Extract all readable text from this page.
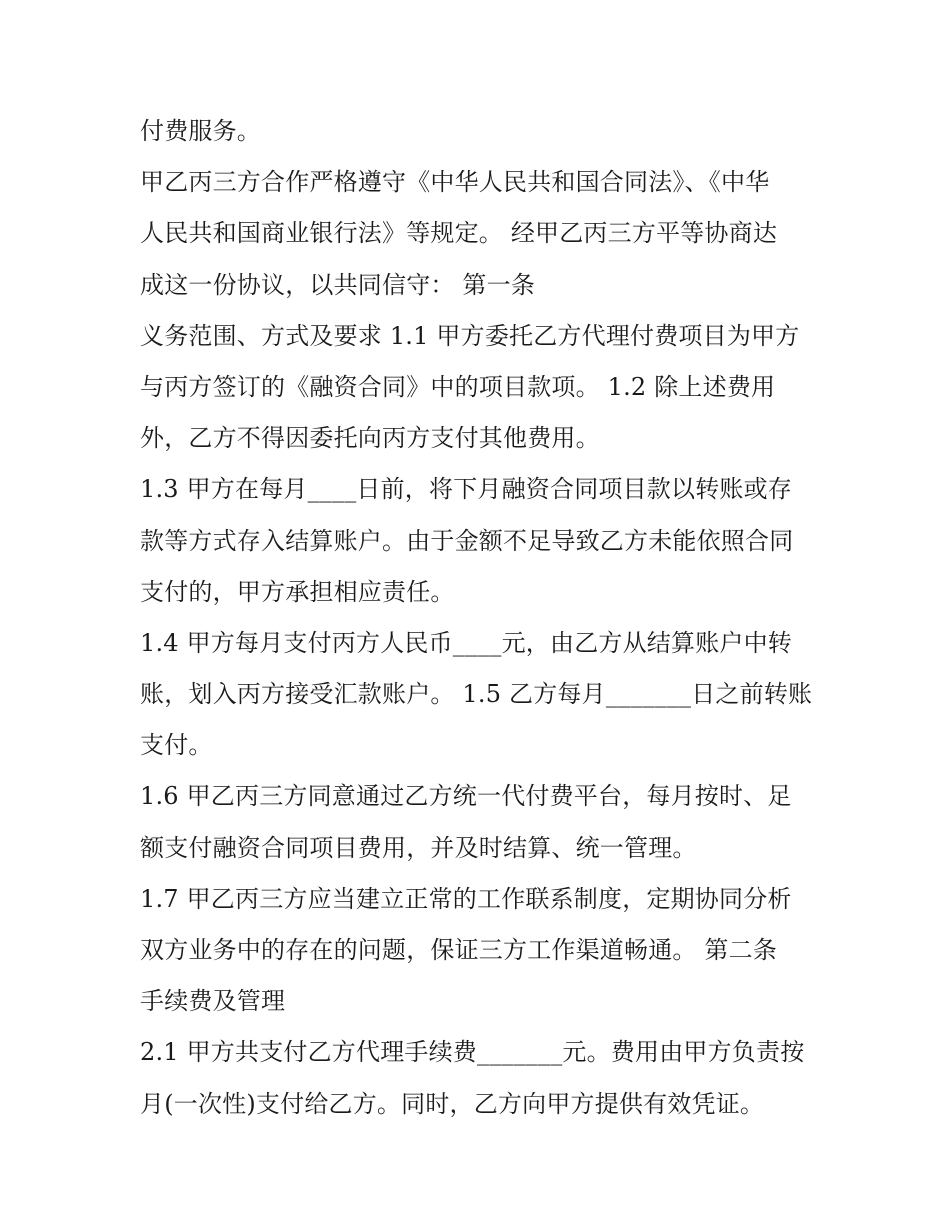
付费服务。
甲乙丙三方合作严格遵守《中华人民共和国合同法》、《中华
人民共和国商业银行法》等规定。 经甲乙丙三方平等协商达
成这一份协议，以共同信守： 第一条
义务范围、方式及要求 1.1 甲方委托乙方代理付费项目为甲方
与丙方签订的《融资合同》中的项目款项。 1.2 除上述费用
外，乙方不得因委托向丙方支付其他费用。
1.3 甲方在每月____日前，将下月融资合同项目款以转账或存
款等方式存入结算账户。由于金额不足导致乙方未能依照合同
支付的，甲方承担相应责任。
1.4 甲方每月支付丙方人民币____元，由乙方从结算账户中转
账，划入丙方接受汇款账户。 1.5 乙方每月_______日之前转账
支付。
1.6 甲乙丙三方同意通过乙方统一代付费平台，每月按时、足
额支付融资合同项目费用，并及时结算、统一管理。
1.7 甲乙丙三方应当建立正常的工作联系制度，定期协同分析
双方业务中的存在的问题，保证三方工作渠道畅通。 第二条
手续费及管理
2.1 甲方共支付乙方代理手续费_______元。费用由甲方负责按
月(一次性)支付给乙方。同时，乙方向甲方提供有效凭证。
